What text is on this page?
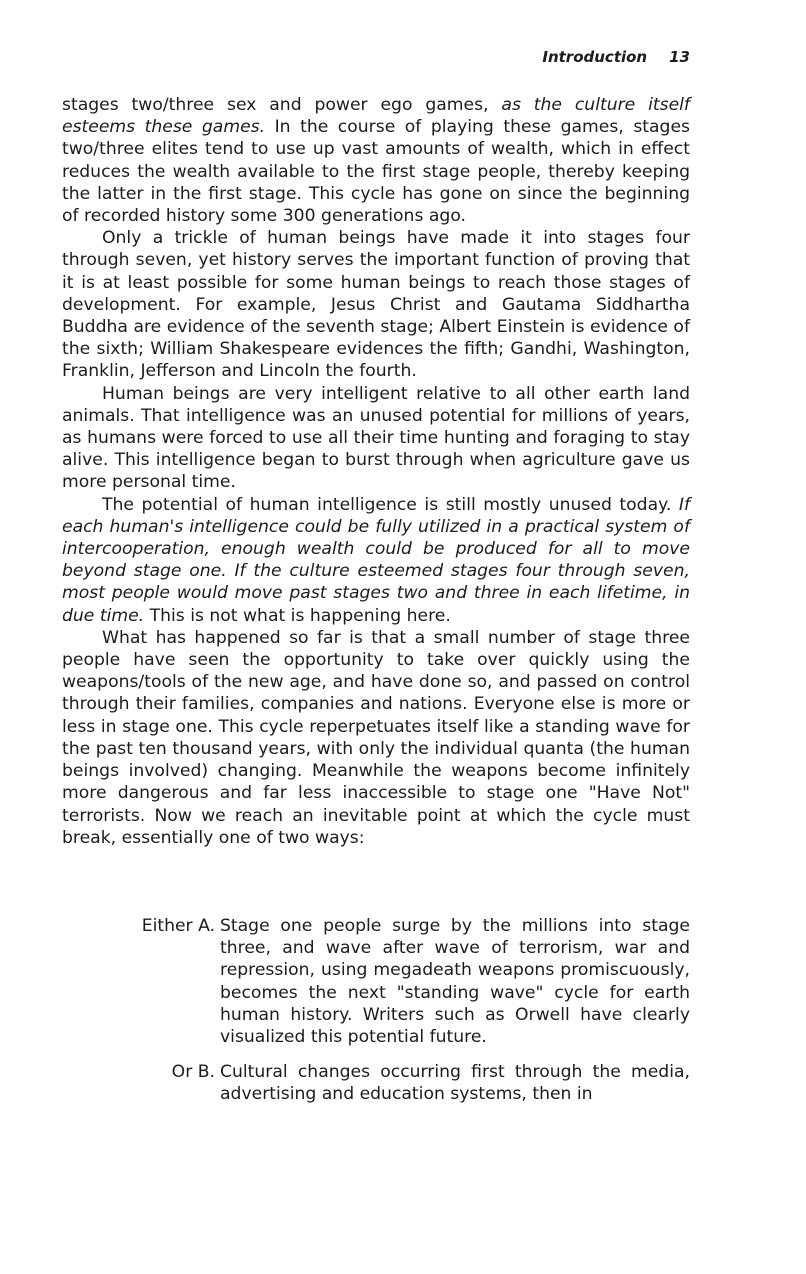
Introduction 13

stages two/three sex and power ego games, as the culture itself esteems these games. In the course of playing these games, stages two/three elites tend to use up vast amounts of wealth, which in effect reduces the wealth available to the first stage people, thereby keeping the latter in the first stage. This cycle has gone on since the beginning of recorded history some 300 generations ago.

Only a trickle of human beings have made it into stages four through seven, yet history serves the important function of proving that it is at least possible for some human beings to reach those stages of development. For example, Jesus Christ and Gautama Siddhartha Buddha are evidence of the seventh stage; Albert Einstein is evidence of the sixth; William Shakespeare evidences the fifth; Gandhi, Washington, Franklin, Jefferson and Lincoln the fourth.

Human beings are very intelligent relative to all other earth land animals. That intelligence was an unused potential for millions of years, as humans were forced to use all their time hunting and foraging to stay alive. This intelligence began to burst through when agriculture gave us more personal time.

The potential of human intelligence is still mostly unused today. If each human's intelligence could be fully utilized in a practical system of intercooperation, enough wealth could be produced for all to move beyond stage one. If the culture esteemed stages four through seven, most people would move past stages two and three in each lifetime, in due time. This is not what is happening here.

What has happened so far is that a small number of stage three people have seen the opportunity to take over quickly using the weapons/tools of the new age, and have done so, and passed on control through their families, companies and nations. Everyone else is more or less in stage one. This cycle reperpetuates itself like a standing wave for the past ten thousand years, with only the individual quanta (the human beings involved) changing. Meanwhile the weapons become infinitely more dangerous and far less inaccessible to stage one "Have Not" terrorists. Now we reach an inevitable point at which the cycle must break, essentially one of two ways:

Either A. Stage one people surge by the millions into stage three, and wave after wave of terrorism, war and repression, using megadeath weapons promiscuously, becomes the next "standing wave" cycle for earth human history. Writers such as Orwell have clearly visualized this potential future.
Or B. Cultural changes occurring first through the media, advertising and education systems, then in
